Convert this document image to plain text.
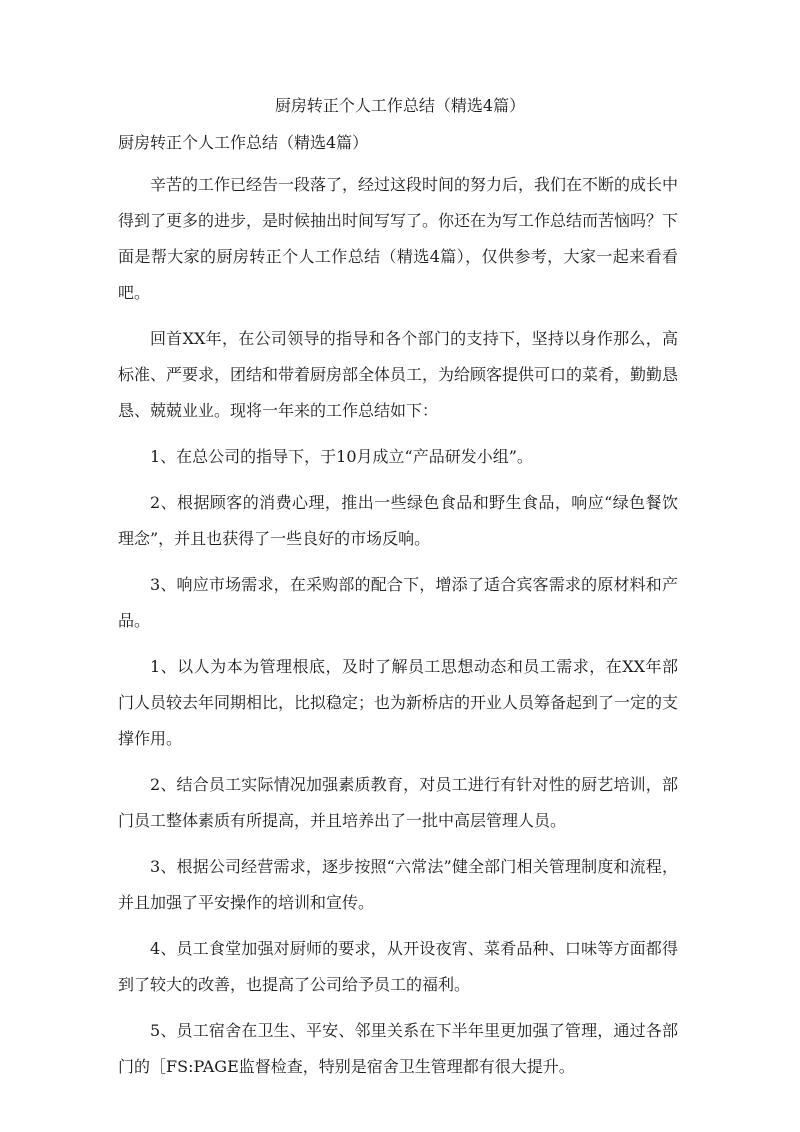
厨房转正个人工作总结（精选4篇）
厨房转正个人工作总结（精选4篇）

辛苦的工作已经告一段落了，经过这段时间的努力后，我们在不断的成长中得到了更多的进步，是时候抽出时间写写了。你还在为写工作总结而苦恼吗？下面是帮大家的厨房转正个人工作总结（精选4篇），仅供参考，大家一起来看看吧。

回首XX年，在公司领导的指导和各个部门的支持下，坚持以身作那么，高标准、严要求，团结和带着厨房部全体员工，为给顾客提供可口的菜肴，勤勤恳恳、兢兢业业。现将一年来的工作总结如下：

1、在总公司的指导下，于10月成立“产品研发小组”。

2、根据顾客的消费心理，推出一些绿色食品和野生食品，响应“绿色餐饮理念”，并且也获得了一些良好的市场反响。

3、响应市场需求，在采购部的配合下，增添了适合宾客需求的原材料和产品。

1、以人为本为管理根底，及时了解员工思想动态和员工需求，在XX年部门人员较去年同期相比，比拟稳定；也为新桥店的开业人员筹备起到了一定的支撑作用。

2、结合员工实际情况加强素质教育，对员工进行有针对性的厨艺培训，部门员工整体素质有所提高，并且培养出了一批中高层管理人员。

3、根据公司经营需求，逐步按照“六常法”健全部门相关管理制度和流程，并且加强了平安操作的培训和宣传。

4、员工食堂加强对厨师的要求，从开设夜宵、菜肴品种、口味等方面都得到了较大的改善，也提高了公司给予员工的福利。

5、员工宿舍在卫生、平安、邻里关系在下半年里更加强了管理，通过各部门的［FS:PAGE监督检查，特别是宿舍卫生管理都有很大提升。
